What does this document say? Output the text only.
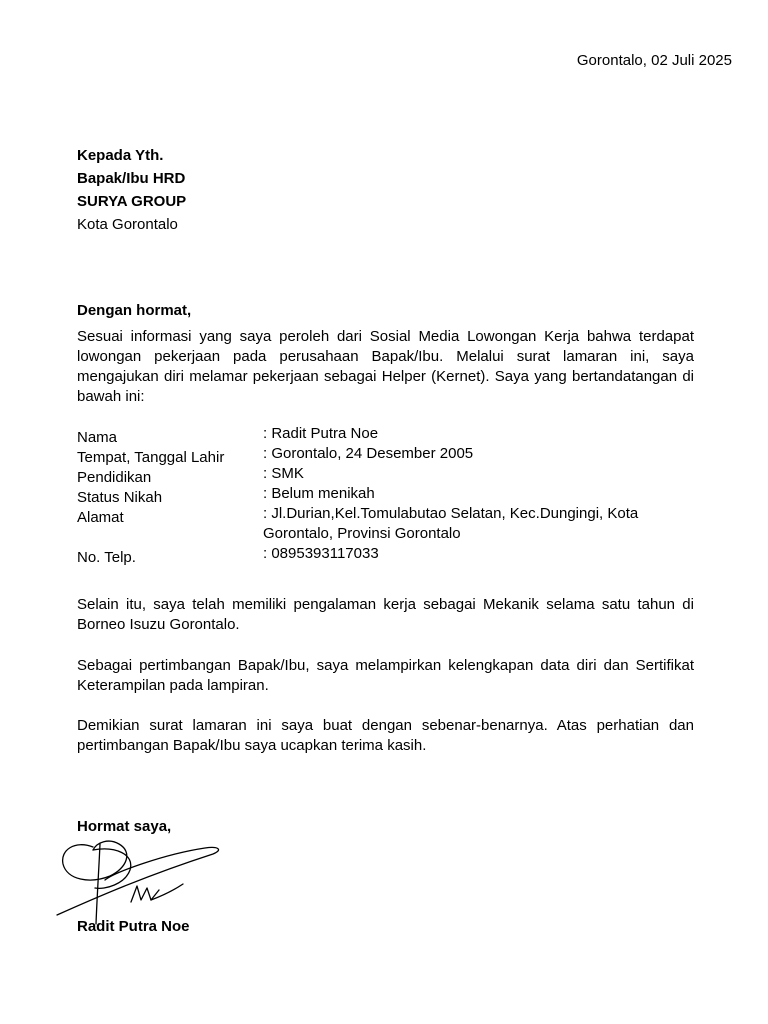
Gorontalo, 02 Juli 2025
Kepada Yth.
Bapak/Ibu HRD
SURYA GROUP
Kota Gorontalo
Dengan hormat,
Sesuai informasi yang saya peroleh dari Sosial Media Lowongan Kerja bahwa terdapat lowongan pekerjaan pada perusahaan Bapak/Ibu. Melalui surat lamaran ini, saya mengajukan diri melamar pekerjaan sebagai Helper (Kernet). Saya yang bertandatangan di bawah ini:
Nama	: Radit Putra Noe
Tempat, Tanggal Lahir	: Gorontalo, 24 Desember 2005
Pendidikan	: SMK
Status Nikah	: Belum menikah
Alamat	: Jl.Durian,Kel.Tomulabutao Selatan, Kec.Dungingi, Kota Gorontalo, Provinsi Gorontalo
No. Telp.	: 0895393117033
Selain itu, saya telah memiliki pengalaman kerja sebagai Mekanik selama satu tahun di Borneo Isuzu Gorontalo.
Sebagai pertimbangan Bapak/Ibu, saya melampirkan kelengkapan data diri dan Sertifikat Keterampilan pada lampiran.
Demikian surat lamaran ini saya buat dengan sebenar-benarnya. Atas perhatian dan pertimbangan Bapak/Ibu saya ucapkan terima kasih.
Hormat saya,
Radit Putra Noe
